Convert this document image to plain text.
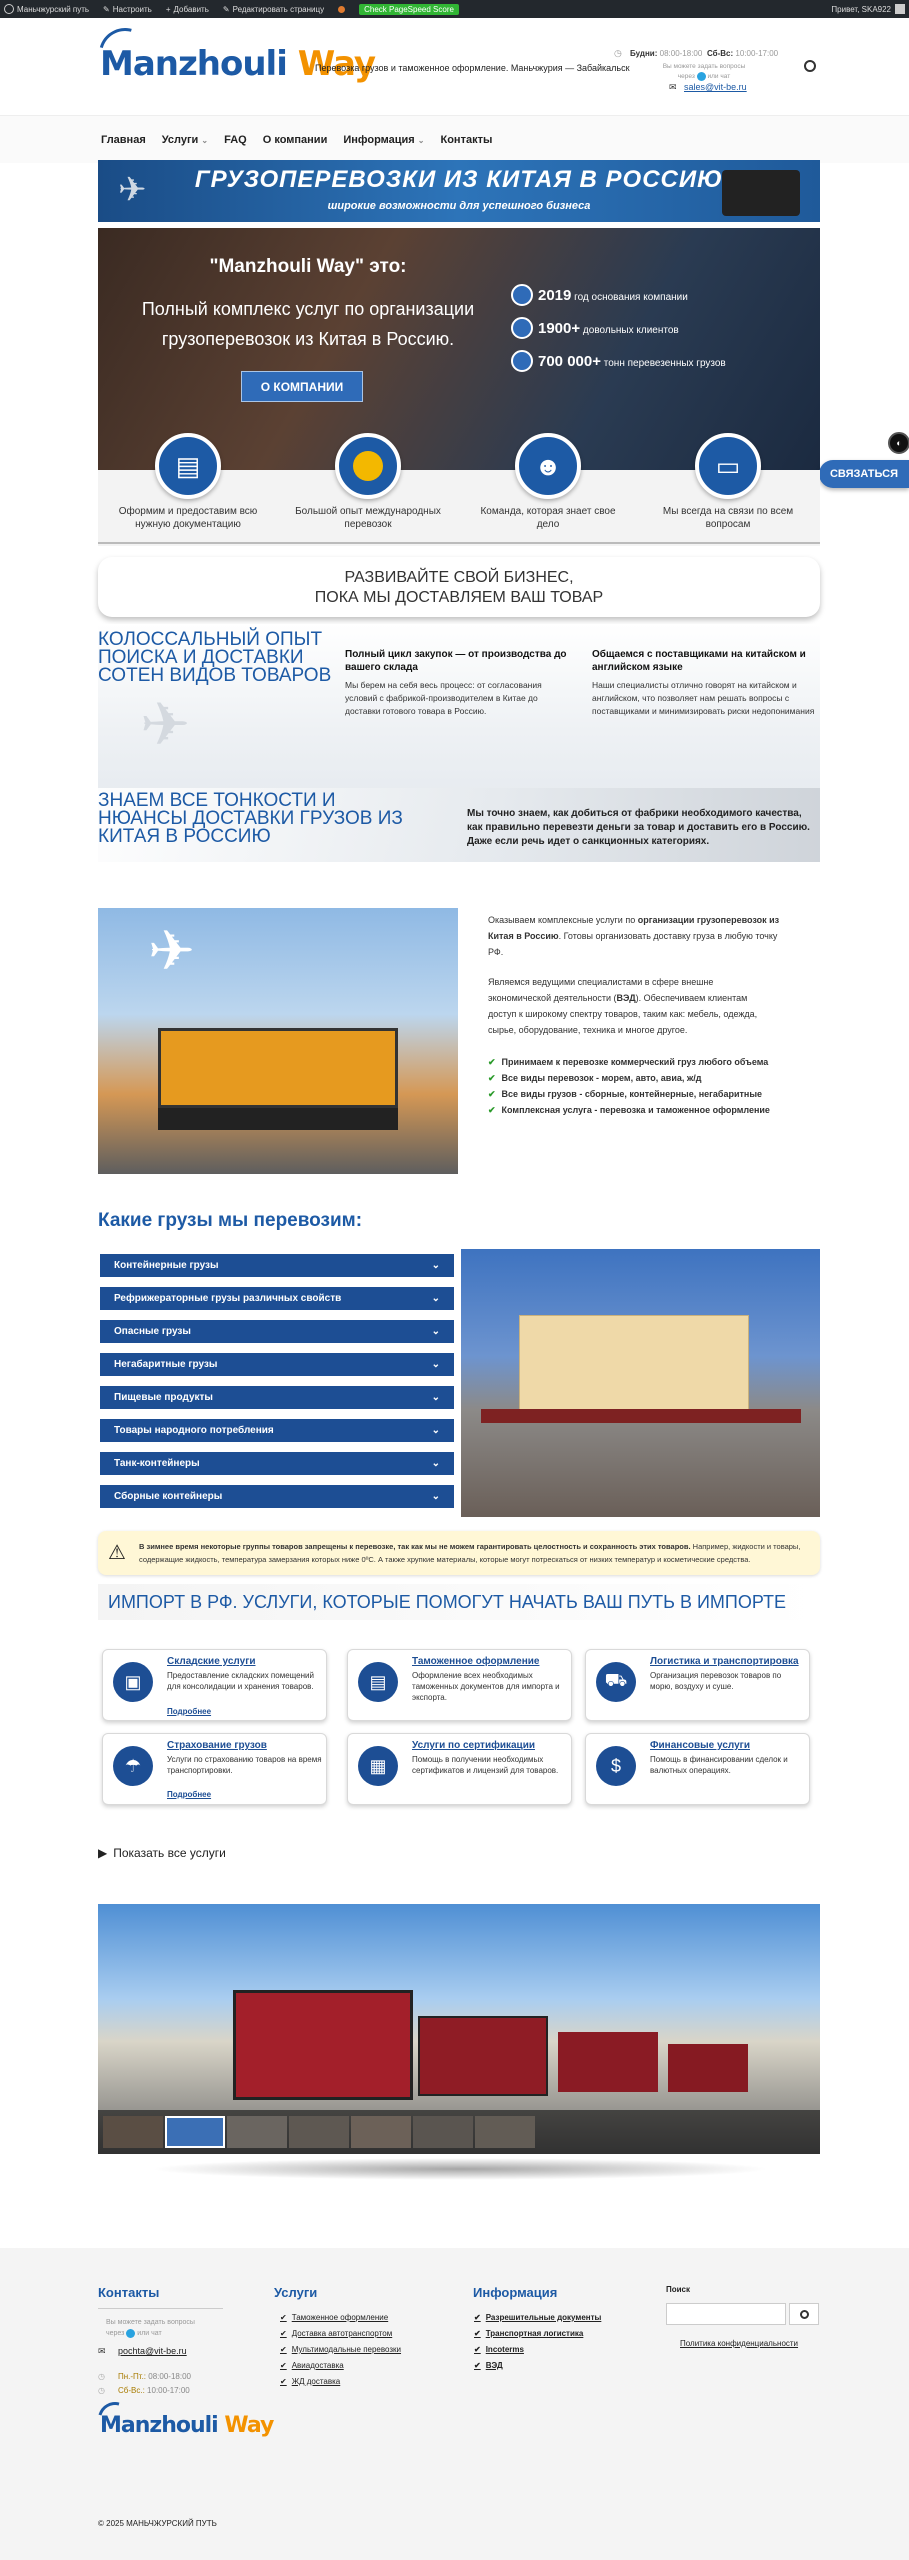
Маньчжурский путь ✎ Настроить + Добавить ✎ Редактировать страницу	Check PageSpeed Score	Привет, SKA922
Manzhouli Way
Перевозка грузов и таможенное оформление. Маньчжурия — Забайкальск
◷ Будни: 08:00-18:00 Сб-Вс: 10:00-17:00
Вы можете задать вопросы
через или чат
✉ sales@vit-be.ru
Главная Услуги ⌄ FAQ О компании Информация ⌄ Контакты
✈	ГРУЗОПЕРЕВОЗКИ ИЗ КИТАЯ В РОССИЮ
широкие возможности для успешного бизнеса
"Manzhouli Way" это:
Полный комплекс услуг по организации грузоперевозок из Китая в Россию.
О КОМПАНИИ
2019 год основания компании
1900+ довольных клиентов
700 000+ тонн перевезенных грузов
◐
СВЯЗАТЬСЯ
▤	☻	▭
Оформим и предоставим всю нужную документацию
Большой опыт международных перевозок
Команда, которая знает свое дело
Мы всегда на связи по всем вопросам
РАЗВИВАЙТЕ СВОЙ БИЗНЕС,
ПОКА МЫ ДОСТАВЛЯЕМ ВАШ ТОВАР
✈
КОЛОССАЛЬНЫЙ ОПЫТ ПОИСКА И ДОСТАВКИ СОТЕН ВИДОВ ТОВАРОВ
Полный цикл закупок — от производства до вашего склада
Мы берем на себя весь процесс: от согласования условий с фабрикой-производителем в Китае до доставки готового товара в Россию.
Общаемся с поставщиками на китайском и английском языке
Наши специалисты отлично говорят на китайском и английском, что позволяет нам решать вопросы с поставщиками и минимизировать риски недопонимания
ЗНАЕМ ВСЕ ТОНКОСТИ И НЮАНСЫ ДОСТАВКИ ГРУЗОВ ИЗ КИТАЯ В РОССИЮ
Мы точно знаем, как добиться от фабрики необходимого качества, как правильно перевезти деньги за товар и доставить его в Россию. Даже если речь идет о санкционных категориях.
✈	Оказываем комплексные услуги по организации грузоперевозок из Китая в Россию. Готовы организовать доставку груза в любую точку РФ.
Являемся ведущими специалистами в сфере внешне экономической деятельности (ВЭД). Обеспечиваем клиентам доступ к широкому спектру товаров, таким как: мебель, одежда, сырье, оборудование, техника и многое другое.
✔ Принимаем к перевозке коммерческий груз любого объема
✔ Все виды перевозок - морем, авто, авиа, ж/д
✔ Все виды грузов - сборные, контейнерные, негабаритные
✔ Комплексная услуга - перевозка и таможенное оформление
Какие грузы мы перевозим:
Контейнерные грузы	⌄
Рефрижераторные грузы различных свойств	⌄
Опасные грузы	⌄
Негабаритные грузы	⌄
Пищевые продукты	⌄
Товары народного потребления	⌄
Танк-контейнеры	⌄
Сборные контейнеры	⌄
⚠ В зимнее время некоторые группы товаров запрещены к перевозке, так как мы не можем гарантировать целостность и сохранность этих товаров. Например, жидкости и товары, содержащие жидкость, температура замерзания которых ниже 0ºС. А также хрупкие материалы, которые могут потрескаться от низких температур и косметические средства.
ИМПОРТ В РФ. УСЛУГИ, КОТОРЫЕ ПОМОГУТ НАЧАТЬ ВАШ ПУТЬ В ИМПОРТЕ
▣
Складские услуги
Предоставление складских помещений для консолидации и хранения товаров.
Подробнее
▤
Таможенное оформление
Оформление всех необходимых таможенных документов для импорта и экспорта.
⛟
Логистика и транспортировка
Организация перевозок товаров по морю, воздуху и суше.
☂
Страхование грузов
Услуги по страхованию товаров на время транспортировки.
Подробнее
▦
Услуги по сертификации
Помощь в получении необходимых сертификатов и лицензий для товаров.	$
Финансовые услуги
Помощь в финансировании сделок и валютных операциях.
▶ Показать все услуги
Контакты
Вы можете задать вопросы через или чат
✉ pochta@vit-be.ru
◷ Пн.-Пт.: 08:00-18:00
◷ Сб-Вс.: 10:00-17:00
Manzhouli Way
Услуги
✔ Таможенное оформление
✔ Доставка автотранспортом
✔ Мультимодальные перевозки
✔ Авиадоставка
✔ ЖД доставка
Информация
✔ Разрешительные документы
✔ Транспортная логистика
✔ Incoterms
✔ ВЭД
Поиск
Политика конфиденциальности
© 2025 МАНЬЧЖУРСКИЙ ПУТЬ
